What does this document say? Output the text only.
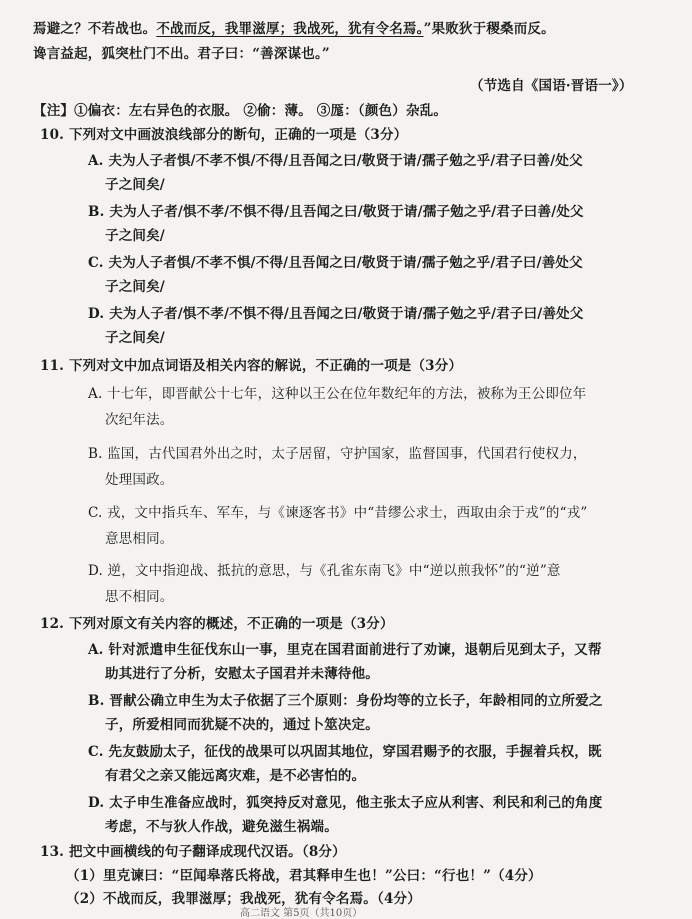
焉避之？不若战也。不战而反，我罪滋厚；我战死，犹有令名焉。”果败狄于稷桑而反。
谗言益起，狐突杜门不出。君子曰：“善深谋也。”
（节选自《国语·晋语一》）
【注】①偏衣：左右异色的衣服。 ②偷：薄。 ③厖：（颜色）杂乱。
10. 下列对文中画波浪线部分的断句，正确的一项是（3分）
A. 夫为人子者惧/不孝不惧/不得/且吾闻之曰/敬贤于请/孺子勉之乎/君子曰善/处父
子之间矣/
B. 夫为人子者/惧不孝/不惧不得/且吾闻之曰/敬贤于请/孺子勉之乎/君子曰善/处父
子之间矣/
C. 夫为人子者惧/不孝不惧/不得/且吾闻之曰/敬贤于请/孺子勉之乎/君子曰/善处父
子之间矣/
D. 夫为人子者/惧不孝/不惧不得/且吾闻之曰/敬贤于请/孺子勉之乎/君子曰/善处父
子之间矣/
11. 下列对文中加点词语及相关内容的解说，不正确的一项是（3分）
A. 十七年，即晋献公十七年，这种以王公在位年数纪年的方法，被称为王公即位年
次纪年法。
B. 监国，古代国君外出之时，太子居留，守护国家，监督国事，代国君行使权力，
处理国政。
C. 戎，文中指兵车、军车，与《谏逐客书》中“昔缪公求士，西取由余于戎”的“戎”
意思相同。
D. 逆，文中指迎战、抵抗的意思，与《孔雀东南飞》中“逆以煎我怀”的“逆”意
思不相同。
12. 下列对原文有关内容的概述，不正确的一项是（3分）
A. 针对派遣申生征伐东山一事，里克在国君面前进行了劝谏，退朝后见到太子，又帮
助其进行了分析，安慰太子国君并未薄待他。
B. 晋献公确立申生为太子依据了三个原则：身份均等的立长子，年龄相同的立所爱之
子，所爱相同而犹疑不决的，通过卜筮决定。
C. 先友鼓励太子，征伐的战果可以巩固其地位，穿国君赐予的衣服，手握着兵权，既
有君父之亲又能远离灾难，是不必害怕的。
D. 太子申生准备应战时，狐突持反对意见，他主张太子应从利害、利民和利己的角度
考虑，不与狄人作战，避免滋生祸端。
13. 把文中画横线的句子翻译成现代汉语。（8分）
（1）里克谏曰：“臣闻皋落氏将战，君其释申生也！”公曰：“行也！”（4分）
（2）不战而反，我罪滋厚；我战死，犹有令名焉。（4分）
高二语文 第5页（共10页）
